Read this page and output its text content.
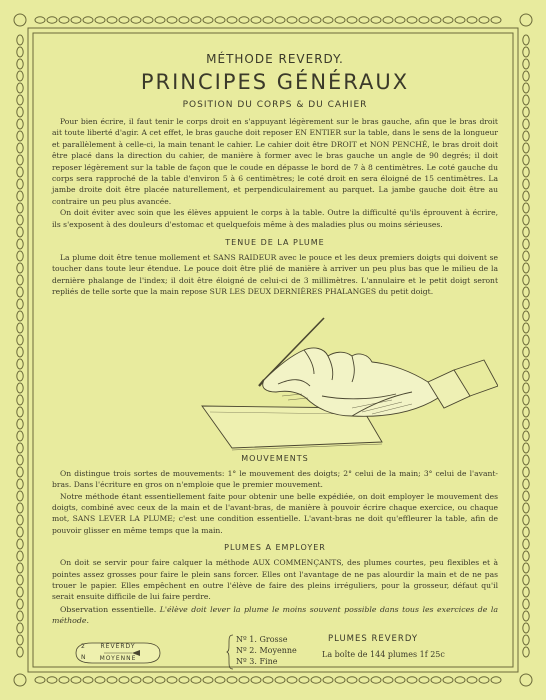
MÉTHODE REVERDY.
PRINCIPES GÉNÉRAUX
POSITION DU CORPS & DU CAHIER

Pour bien écrire, il faut tenir le corps droit en s'appuyant légèrement sur le bras gauche, afin que le bras droit ait toute liberté d'agir. A cet effet, le bras gauche doit reposer EN ENTIER sur la table, dans le sens de la longueur et parallèlement à celle-ci, la main tenant le cahier. Le cahier doit être DROIT et NON PENCHÉ, le bras droit doit être placé dans la direction du cahier, de manière à former avec le bras gauche un angle de 90 degrés; il doit reposer légèrement sur la table de façon que le coude en dépasse le bord de 7 à 8 centimètres. Le coté gauche du corps sera rapproché de la table d'environ 5 à 6 centimètres; le coté droit en sera éloigné de 15 centimètres. La jambe droite doit être placée naturellement, et perpendiculairement au parquet. La jambe gauche doit être au contraire un peu plus avancée.

On doit éviter avec soin que les élèves appuient le corps à la table. Outre la difficulté qu'ils éprouvent à écrire, ils s'exposent à des douleurs d'estomac et quelquefois même à des maladies plus ou moins sérieuses.

TENUE DE LA PLUME

La plume doit être tenue mollement et SANS RAIDEUR avec le pouce et les deux premiers doigts qui doivent se toucher dans toute leur étendue. Le pouce doit être plié de manière à arriver un peu plus bas que le milieu de la dernière phalange de l'index; il doit être éloigné de celui-ci de 3 millimètres. L'annulaire et le petit doigt seront repliés de telle sorte que la main repose SUR LES DEUX DERNIÈRES PHALANGES du petit doigt.

MOUVEMENTS

On distingue trois sortes de mouvements: 1° le mouvement des doigts; 2° celui de la main; 3° celui de l'avant-bras. Dans l'écriture en gros on n'emploie que le premier mouvement.

Notre méthode étant essentiellement faite pour obtenir une belle expédiée, on doit employer le mouvement des doigts, combiné avec ceux de la main et de l'avant-bras, de manière à pouvoir écrire chaque exercice, ou chaque mot, SANS LEVER LA PLUME; c'est une condition essentielle. L'avant-bras ne doit qu'effleurer la table, afin de pouvoir glisser en même temps que la main.

PLUMES A EMPLOYER

On doit se servir pour faire calquer la méthode AUX COMMENÇANTS, des plumes courtes, peu flexibles et à pointes assez grosses pour faire le plein sans forcer. Elles ont l'avantage de ne pas alourdir la main et de ne pas trouer le papier. Elles empêchent en outre l'élève de faire des pleins irréguliers, pour la grosseur, défaut qu'il serait ensuite difficile de lui faire perdre.

Observation essentielle. L'élève doit lever la plume le moins souvent possible dans tous les exercices de la méthode.

REVERDY
MOYENNE
2
N
Nº 1. Grosse
Nº 2. Moyenne
Nº 3. Fine
PLUMES REVERDY
La boîte de 144 plumes 1f 25c
